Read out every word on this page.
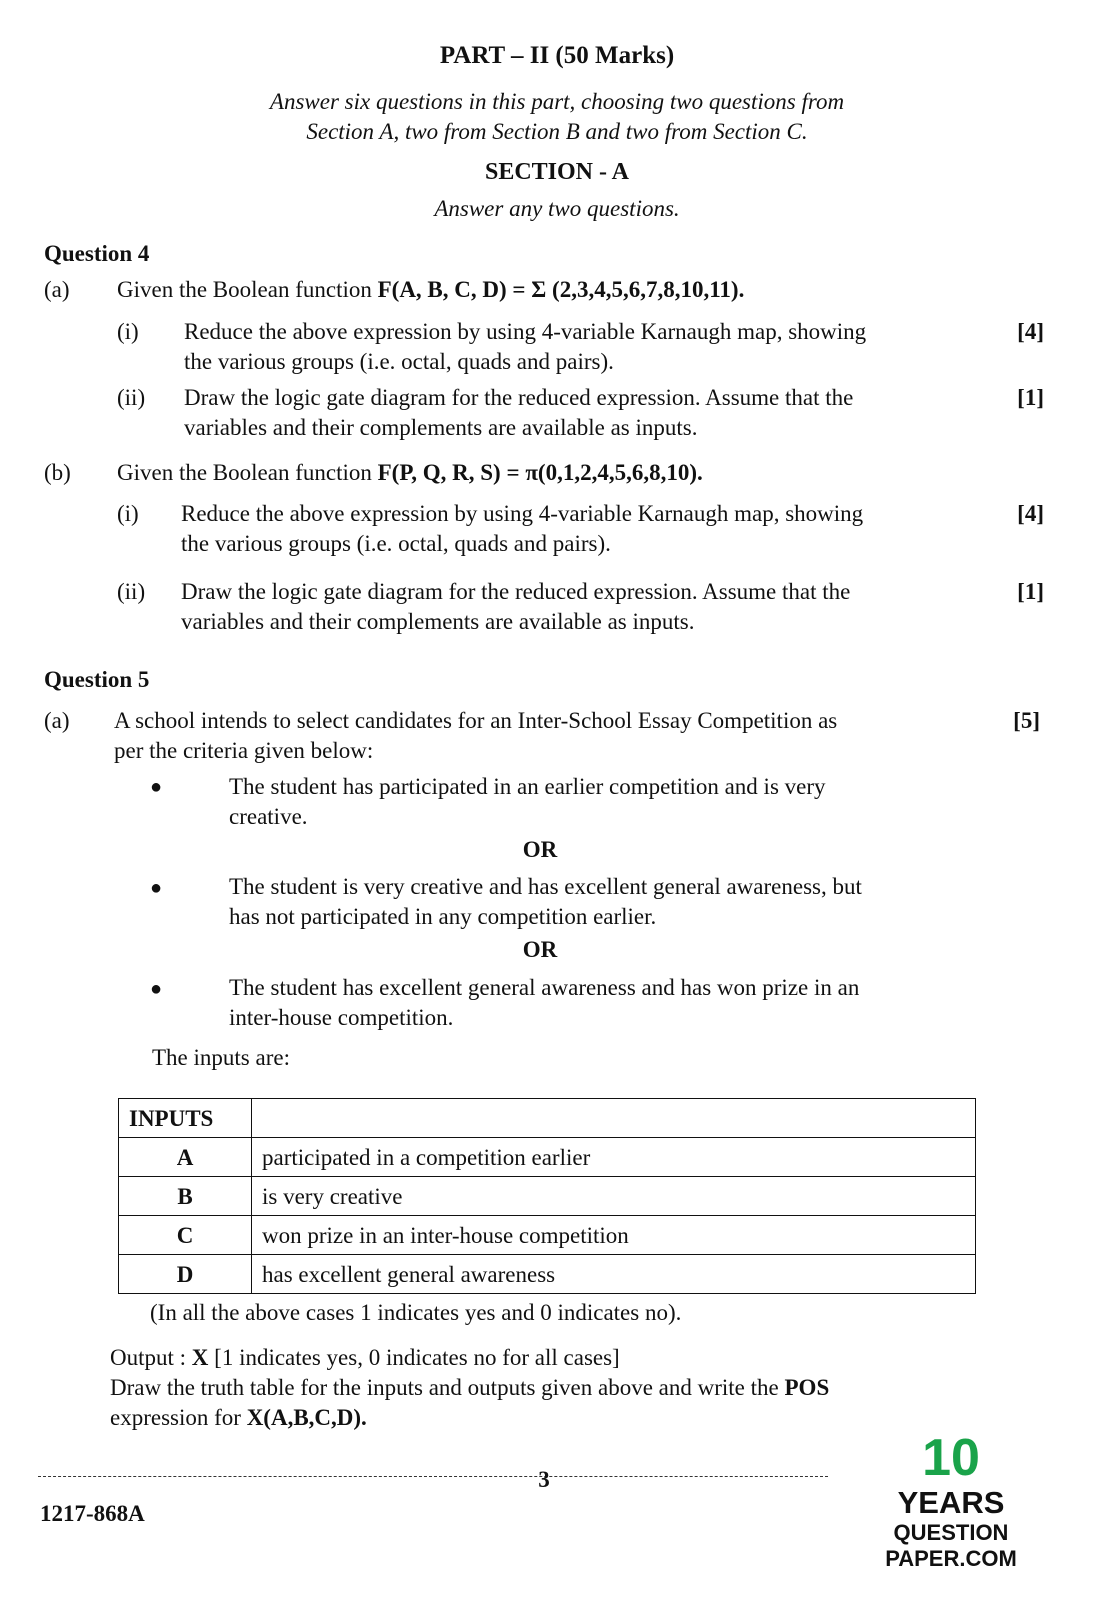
PART – II (50 Marks)
Answer six questions in this part, choosing two questions from
Section A, two from Section B and two from Section C.
SECTION - A
Answer any two questions.
Question 4
(a) Given the Boolean function F(A, B, C, D) = Σ (2,3,4,5,6,7,8,10,11).
(i) Reduce the above expression by using 4-variable Karnaugh map, showing
the various groups (i.e. octal, quads and pairs).
[4]
(ii) Draw the logic gate diagram for the reduced expression. Assume that the
variables and their complements are available as inputs.
[1]
(b) Given the Boolean function F(P, Q, R, S) = π(0,1,2,4,5,6,8,10).
(i) Reduce the above expression by using 4-variable Karnaugh map, showing
the various groups (i.e. octal, quads and pairs).
[4]
(ii) Draw the logic gate diagram for the reduced expression. Assume that the
variables and their complements are available as inputs.
[1]
Question 5
(a) A school intends to select candidates for an Inter-School Essay Competition as
per the criteria given below:
[5]
●	The student has participated in an earlier competition and is very
creative.
OR
●	The student is very creative and has excellent general awareness, but
has not participated in any competition earlier.
OR
●	The student has excellent general awareness and has won prize in an
inter-house competition.
The inputs are:
INPUTS	
A	participated in a competition earlier
B	is very creative
C	won prize in an inter-house competition
D	has excellent general awareness
(In all the above cases 1 indicates yes and 0 indicates no).
Output : X [1 indicates yes, 0 indicates no for all cases]
Draw the truth table for the inputs and outputs given above and write the POS
expression for X(A,B,C,D).
3
1217-868A
10
YEARS
QUESTION PAPER.COM
